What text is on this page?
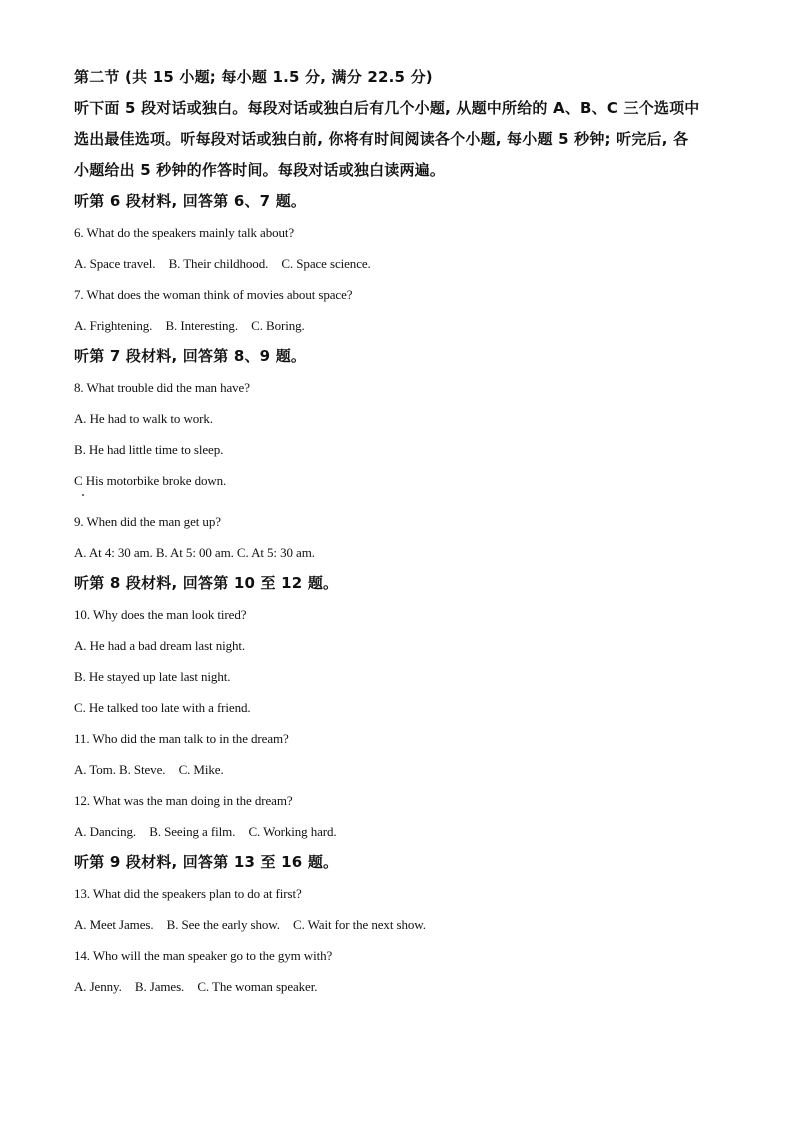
第二节 (共 15 小题; 每小题 1.5 分, 满分 22.5 分)
听下面 5 段对话或独白。每段对话或独白后有几个小题, 从题中所给的 A、B、C 三个选项中
选出最佳选项。听每段对话或独白前, 你将有时间阅读各个小题, 每小题 5 秒钟; 听完后, 各
小题给出 5 秒钟的作答时间。每段对话或独白读两遍。
听第 6 段材料, 回答第 6、7 题。
6. What do the speakers mainly talk about?
A. Space travel. B. Their childhood. C. Space science.
7. What does the woman think of movies about space?
A. Frightening. B. Interesting. C. Boring.
听第 7 段材料, 回答第 8、9 题。
8. What trouble did the man have?
A. He had to walk to work.
B. He had little time to sleep.
C His motorbike broke down.
9. When did the man get up?
A. At 4: 30 am. B. At 5: 00 am. C. At 5: 30 am.
听第 8 段材料, 回答第 10 至 12 题。
10. Why does the man look tired?
A. He had a bad dream last night.
B. He stayed up late last night.
C. He talked too late with a friend.
11. Who did the man talk to in the dream?
A. Tom. B. Steve. C. Mike.
12. What was the man doing in the dream?
A. Dancing. B. Seeing a film. C. Working hard.
听第 9 段材料, 回答第 13 至 16 题。
13. What did the speakers plan to do at first?
A. Meet James. B. See the early show. C. Wait for the next show.
14. Who will the man speaker go to the gym with?
A. Jenny. B. James. C. The woman speaker.
